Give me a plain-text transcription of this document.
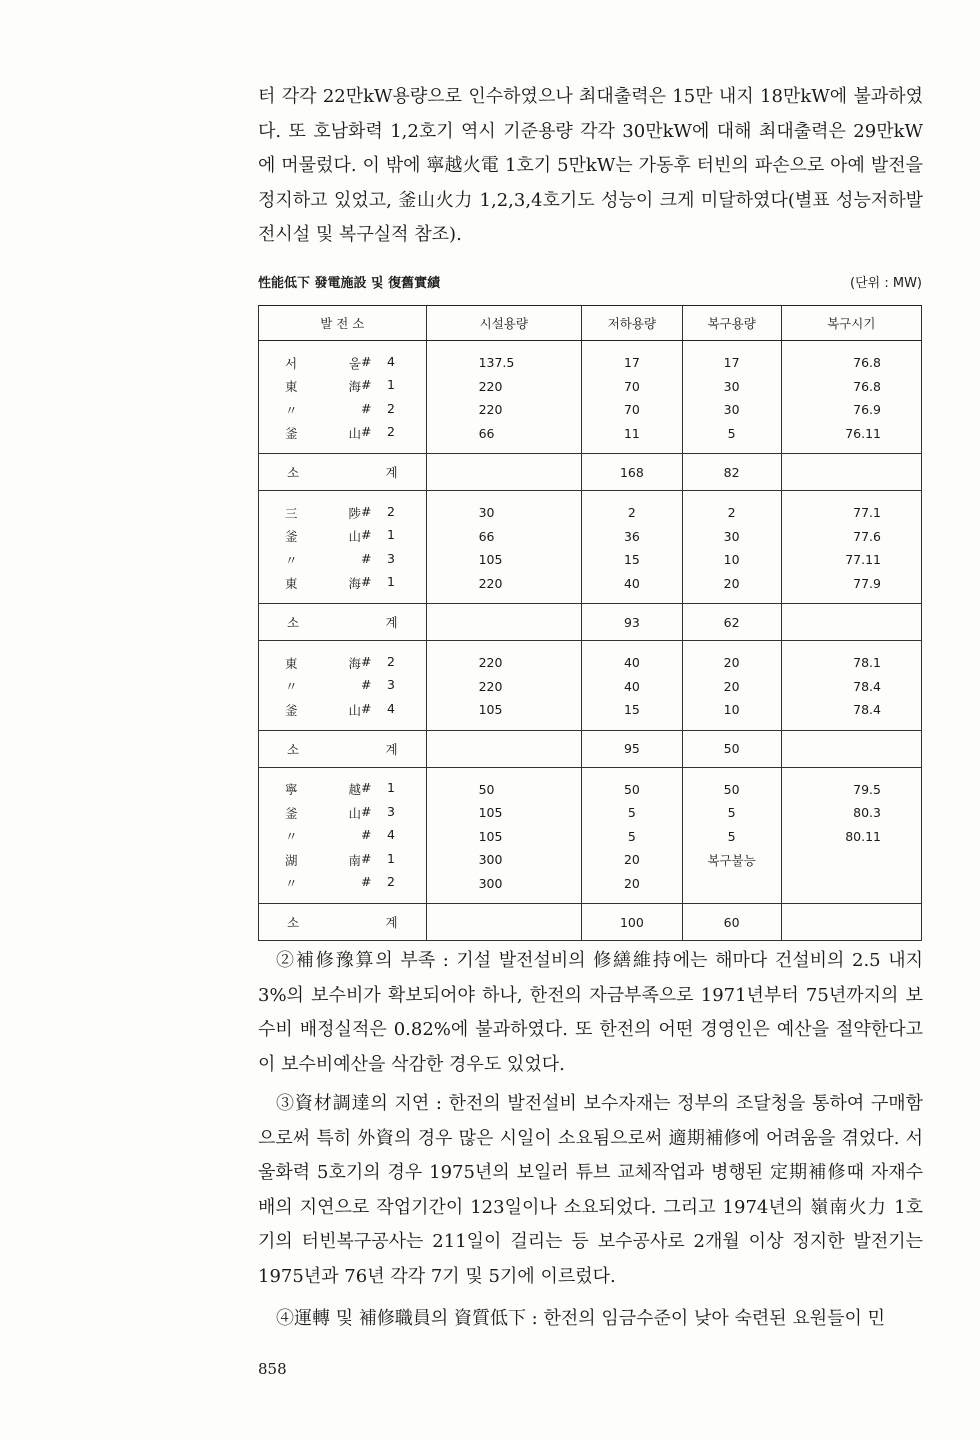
터 각각 22만kW용량으로 인수하였으나 최대출력은 15만 내지 18만kW에 불과하였다. 또 호남화력 1,2호기 역시 기준용량 각각 30만kW에 대해 최대출력은 29만kW에 머물렀다. 이 밖에 寧越火電 1호기 5만kW는 가동후 터빈의 파손으로 아예 발전을 정지하고 있었고, 釜山火力 1,2,3,4호기도 성능이 크게 미달하였다(별표 성능저하발전시설 및 복구실적 참조).

性能低下 發電施設 및 復舊實績	(단위 : MW)
발 전 소	시설용량	저하용량	복구용량	복구시기

서 울 # 4	137.5	17	17	76.8

東 海 # 1	220	70	30	76.8

〃 # 2	220	70	30	76.9

釜 山 # 2	66	11	5	76.11

소 계		168	82	

三 陟 # 2	30	2	2	77.1

釜 山 # 1	66	36	30	77.6

〃 # 3	105	15	10	77.11

東 海 # 1	220	40	20	77.9

소 계		93	62	

東 海 # 2	220	40	20	78.1

〃 # 3	220	40	20	78.4

釜 山 # 4	105	15	10	78.4

소 계		95	50	

寧 越 # 1	50	50	50	79.5

釜 山 # 3	105	5	5	80.3

〃 # 4	105	5	5	80.11

湖 南 # 1	300	20	복구불능	

〃 # 2	300	20		

소 계		100	60	

②補修豫算의 부족 : 기설 발전설비의 修繕維持에는 해마다 건설비의 2.5 내지 3%의 보수비가 확보되어야 하나, 한전의 자금부족으로 1971년부터 75년까지의 보수비 배정실적은 0.82%에 불과하였다. 또 한전의 어떤 경영인은 예산을 절약한다고 이 보수비예산을 삭감한 경우도 있었다.

③資材調達의 지연 : 한전의 발전설비 보수자재는 정부의 조달청을 통하여 구매함으로써 특히 外資의 경우 많은 시일이 소요됨으로써 適期補修에 어려움을 겪었다. 서울화력 5호기의 경우 1975년의 보일러 튜브 교체작업과 병행된 定期補修때 자재수배의 지연으로 작업기간이 123일이나 소요되었다. 그리고 1974년의 嶺南火力 1호기의 터빈복구공사는 211일이 걸리는 등 보수공사로 2개월 이상 정지한 발전기는 1975년과 76년 각각 7기 및 5기에 이르렀다.

④運轉 및 補修職員의 資質低下 : 한전의 임금수준이 낮아 숙련된 요원들이 민

858
